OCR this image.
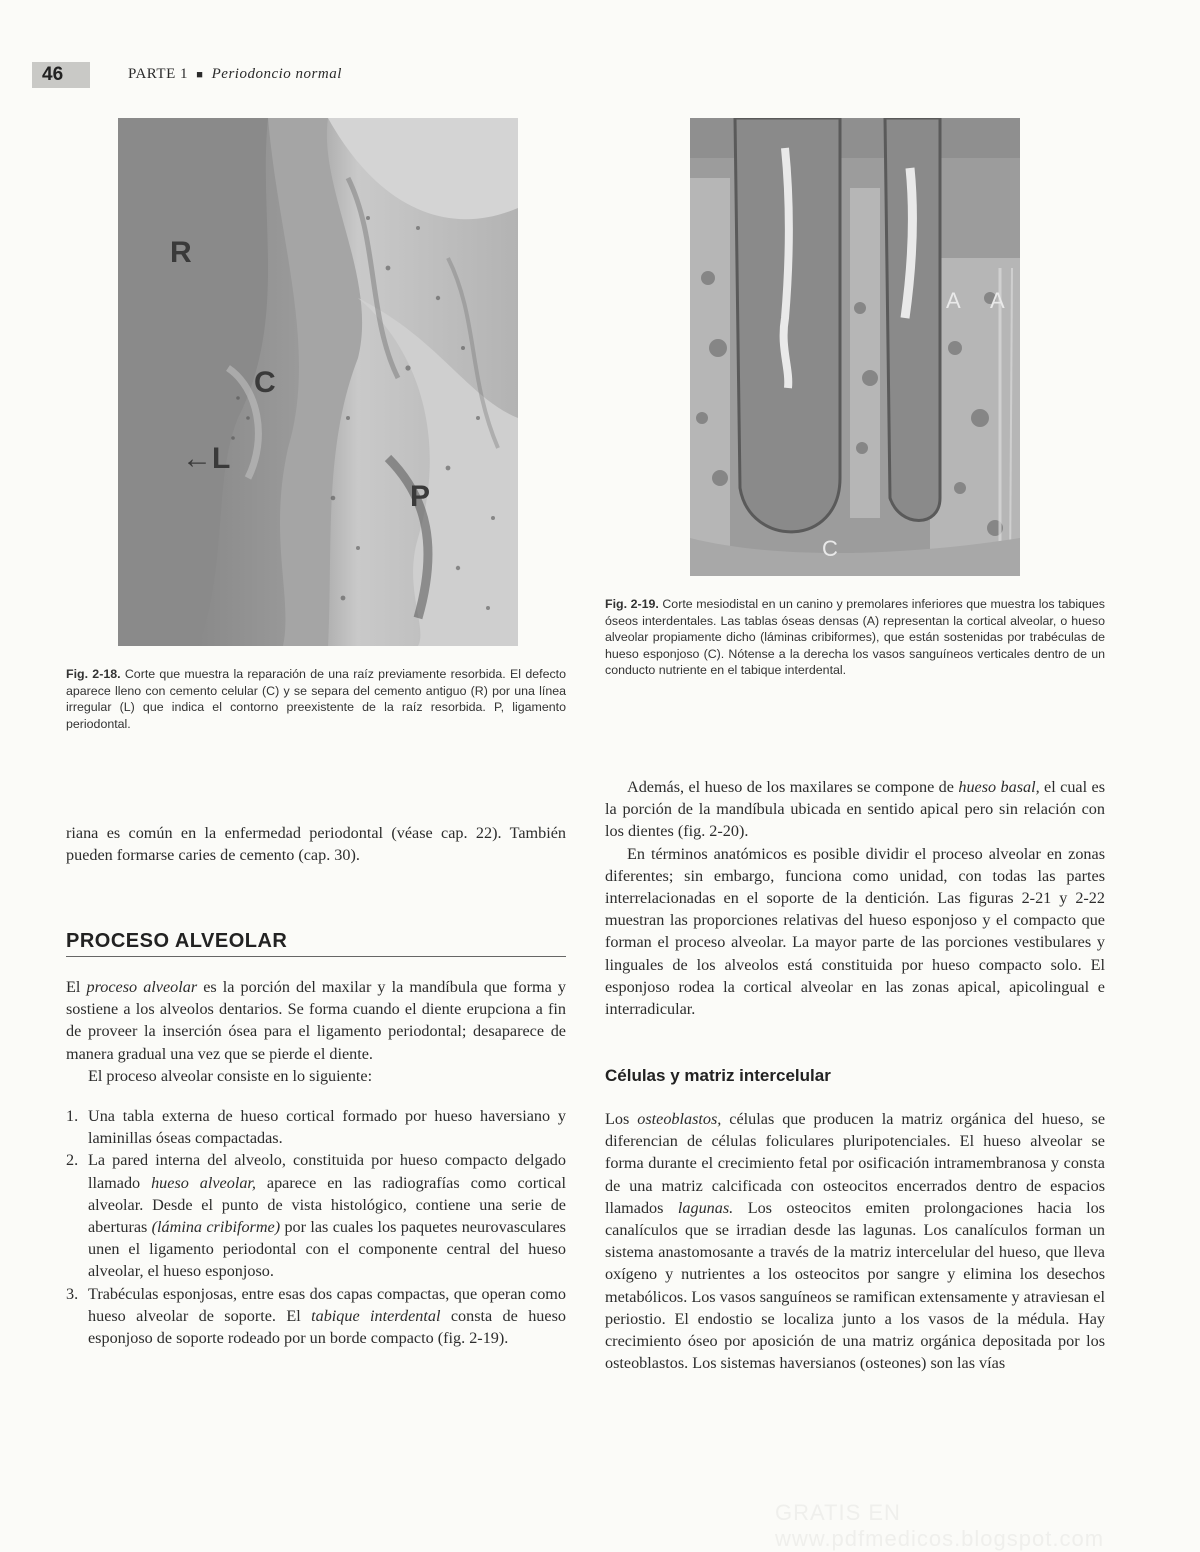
46	PARTE 1 ■ Periodoncio normal
R
C
←L
P
A A
C
Fig. 2-18. Corte que muestra la reparación de una raíz previamente resorbida. El defecto aparece lleno con cemento celular (C) y se separa del cemento antiguo (R) por una línea irregular (L) que indica el contorno preexistente de la raíz resorbida. P, ligamento periodontal.
Fig. 2-19. Corte mesiodistal en un canino y premolares inferiores que muestra los tabiques óseos interdentales. Las tablas óseas densas (A) representan la cortical alveolar, o hueso alveolar propiamente dicho (láminas cribiformes), que están sostenidas por trabéculas de hueso esponjoso (C). Nótense a la derecha los vasos sanguíneos verticales dentro de un conducto nutriente en el tabique interdental.

riana es común en la enfermedad periodontal (véase cap. 22). También pueden formarse caries de cemento (cap. 30).

PROCESO ALVEOLAR

El proceso alveolar es la porción del maxilar y la mandíbula que forma y sostiene a los alveolos dentarios. Se forma cuando el diente erupciona a fin de proveer la inserción ósea para el ligamento periodontal; desaparece de manera gradual una vez que se pierde el diente.

El proceso alveolar consiste en lo siguiente:

1. Una tabla externa de hueso cortical formado por hueso haversiano y laminillas óseas compactadas.

2. La pared interna del alveolo, constituida por hueso compacto delgado llamado hueso alveolar, aparece en las radiografías como cortical alveolar. Desde el punto de vista histológico, contiene una serie de aberturas (lámina cribiforme) por las cuales los paquetes neurovasculares unen el ligamento periodontal con el componente central del hueso alveolar, el hueso esponjoso.

3. Trabéculas esponjosas, entre esas dos capas compactas, que operan como hueso alveolar de soporte. El tabique interdental consta de hueso esponjoso de soporte rodeado por un borde compacto (fig. 2-19).

Además, el hueso de los maxilares se compone de hueso basal, el cual es la porción de la mandíbula ubicada en sentido apical pero sin relación con los dientes (fig. 2-20).

En términos anatómicos es posible dividir el proceso alveolar en zonas diferentes; sin embargo, funciona como unidad, con todas las partes interrelacionadas en el soporte de la dentición. Las figuras 2-21 y 2-22 muestran las proporciones relativas del hueso esponjoso y el compacto que forman el proceso alveolar. La mayor parte de las porciones vestibulares y linguales de los alveolos está constituida por hueso compacto solo. El esponjoso rodea la cortical alveolar en las zonas apical, apicolingual e interradicular.

Células y matriz intercelular

Los osteoblastos, células que producen la matriz orgánica del hueso, se diferencian de células foliculares pluripotenciales. El hueso alveolar se forma durante el crecimiento fetal por osificación intramembranosa y consta de una matriz calcificada con osteocitos encerrados dentro de espacios llamados lagunas. Los osteocitos emiten prolongaciones hacia los canalículos que se irradian desde las lagunas. Los canalículos forman un sistema anastomosante a través de la matriz intercelular del hueso, que lleva oxígeno y nutrientes a los osteocitos por sangre y elimina los desechos metabólicos. Los vasos sanguíneos se ramifican extensamente y atraviesan el periostio. El endostio se localiza junto a los vasos de la médula. Hay crecimiento óseo por aposición de una matriz orgánica depositada por los osteoblastos. Los sistemas haversianos (osteones) son las vías

GRATIS EN www.pdfmedicos.blogspot.com
